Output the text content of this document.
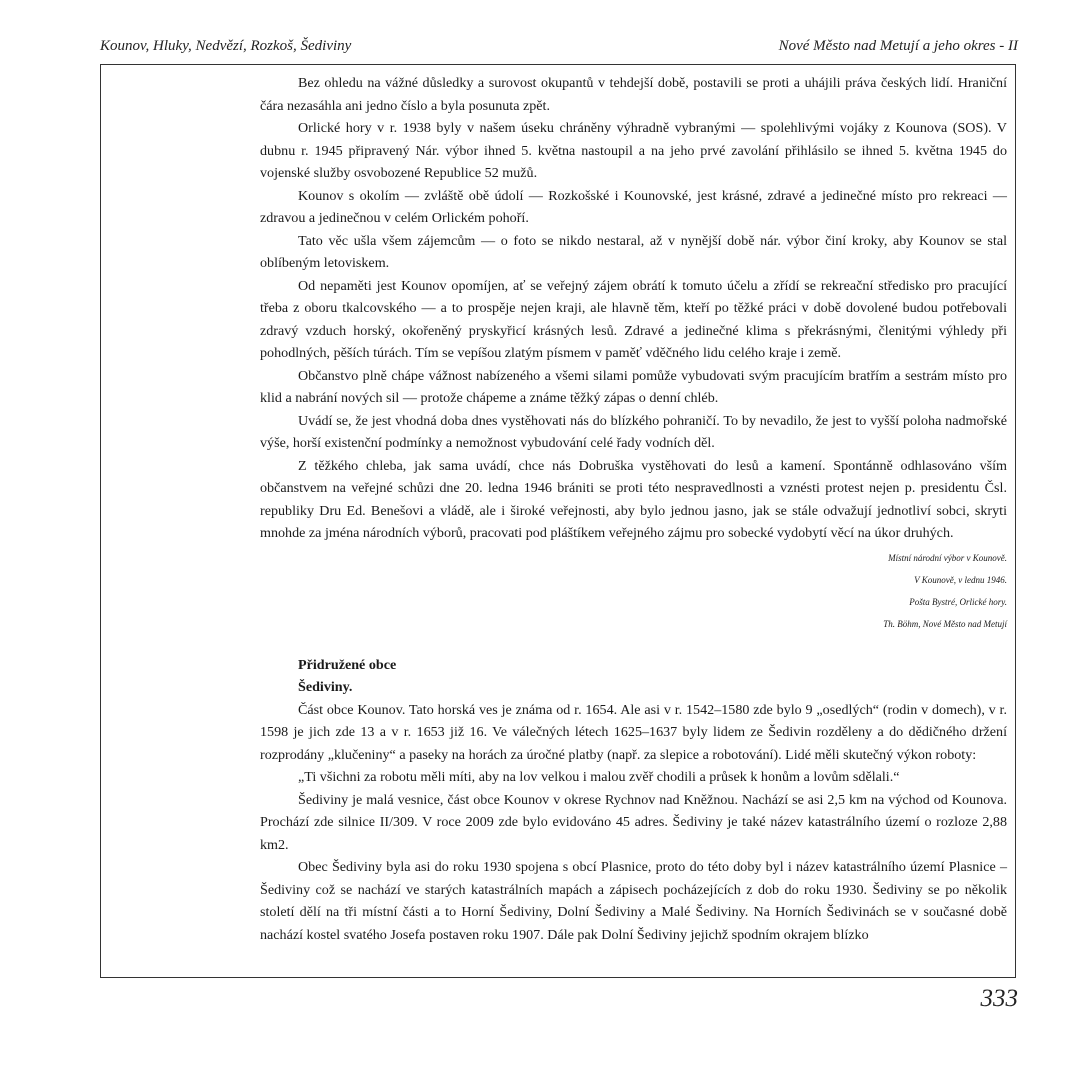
Kounov, Hluky, Nedvězí, Rozkoš, Šediviny	Nové Město nad Metují a jeho okres - II

Bez ohledu na vážné důsledky a surovost okupantů v tehdejší době, postavili se proti a uhájili práva českých lidí. Hraniční čára nezasáhla ani jedno číslo a byla posunuta zpět.

Orlické hory v r. 1938 byly v našem úseku chráněny výhradně vybranými — spolehlivými vojáky z Kounova (SOS). V dubnu r. 1945 připravený Nár. výbor ihned 5. května nastoupil a na jeho prvé zavolání přihlásilo se ihned 5. května 1945 do vojenské služby osvobozené Republice 52 mužů.

Kounov s okolím — zvláště obě údolí — Rozkošské i Kounovské, jest krásné, zdravé a jedinečné místo pro rekreaci — zdravou a jedinečnou v celém Orlickém pohoří.

Tato věc ušla všem zájemcům — o foto se nikdo nestaral, až v nynější době nár. výbor činí kroky, aby Kounov se stal oblíbeným letoviskem.

Od nepaměti jest Kounov opomíjen, ať se veřejný zájem obrátí k tomuto účelu a zřídí se rekreační středisko pro pracující třeba z oboru tkalcovského — a to prospěje nejen kraji, ale hlavně těm, kteří po těžké práci v době dovolené budou potřebovali zdravý vzduch horský, okořeněný pryskyřicí krásných lesů. Zdravé a jedinečné klima s překrásnými, členitými výhledy při pohodlných, pěších túrách. Tím se vepíšou zlatým písmem v paměť vděčného lidu celého kraje i země.

Občanstvo plně chápe vážnost nabízeného a všemi silami pomůže vybudovati svým pracujícím bratřím a sestrám místo pro klid a nabrání nových sil — protože chápeme a známe těžký zápas o denní chléb.

Uvádí se, že jest vhodná doba dnes vystěhovati nás do blízkého pohraničí. To by nevadilo, že jest to vyšší poloha nadmořské výše, horší existenční podmínky a nemožnost vybudování celé řady vodních děl.

Z těžkého chleba, jak sama uvádí, chce nás Dobruška vystěhovati do lesů a kamení. Spontánně odhlasováno vším občanstvem na veřejné schůzi dne 20. ledna 1946 brániti se proti této nespravedlnosti a vznésti protest nejen p. presidentu Čsl. republiky Dru Ed. Benešovi a vládě, ale i široké veřejnosti, aby bylo jednou jasno, jak se stále odvažují jednotliví sobci, skryti mnohde za jména národních výborů, pracovati pod pláštíkem veřejného zájmu pro sobecké vydobytí věcí na úkor druhých.

Místní národní výbor v Kounově.
V Kounově, v lednu 1946.
Pošta Bystré, Orlické hory.
Th. Böhm, Nové Město nad Metují

Přidružené obce

Šediviny.

Část obce Kounov. Tato horská ves je známa od r. 1654. Ale asi v r. 1542–1580 zde bylo 9 „osedlých“ (rodin v domech), v r. 1598 je jich zde 13 a v r. 1653 již 16. Ve válečných létech 1625–1637 byly lidem ze Šedivin rozděleny a do dědičného držení rozprodány „klučeniny“ a paseky na horách za úročné platby (např. za slepice a robotování). Lidé měli skutečný výkon roboty:

„Ti všichni za robotu měli míti, aby na lov velkou i malou zvěř chodili a průsek k honům a lovům sdělali.“

Šediviny je malá vesnice, část obce Kounov v okrese Rychnov nad Kněžnou. Nachází se asi 2,5 km na východ od Kounova. Prochází zde silnice II/309. V roce 2009 zde bylo evidováno 45 adres. Šediviny je také název katastrálního území o rozloze 2,88 km2.

Obec Šediviny byla asi do roku 1930 spojena s obcí Plasnice, proto do této doby byl i název katastrálního území Plasnice – Šediviny což se nachází ve starých katastrálních mapách a zápisech pocházejících z dob do roku 1930. Šediviny se po několik století dělí na tři místní části a to Horní Šediviny, Dolní Šediviny a Malé Šediviny. Na Horních Šedivinách se v současné době nachází kostel svatého Josefa postaven roku 1907. Dále pak Dolní Šediviny jejichž spodním okrajem blízko

333
